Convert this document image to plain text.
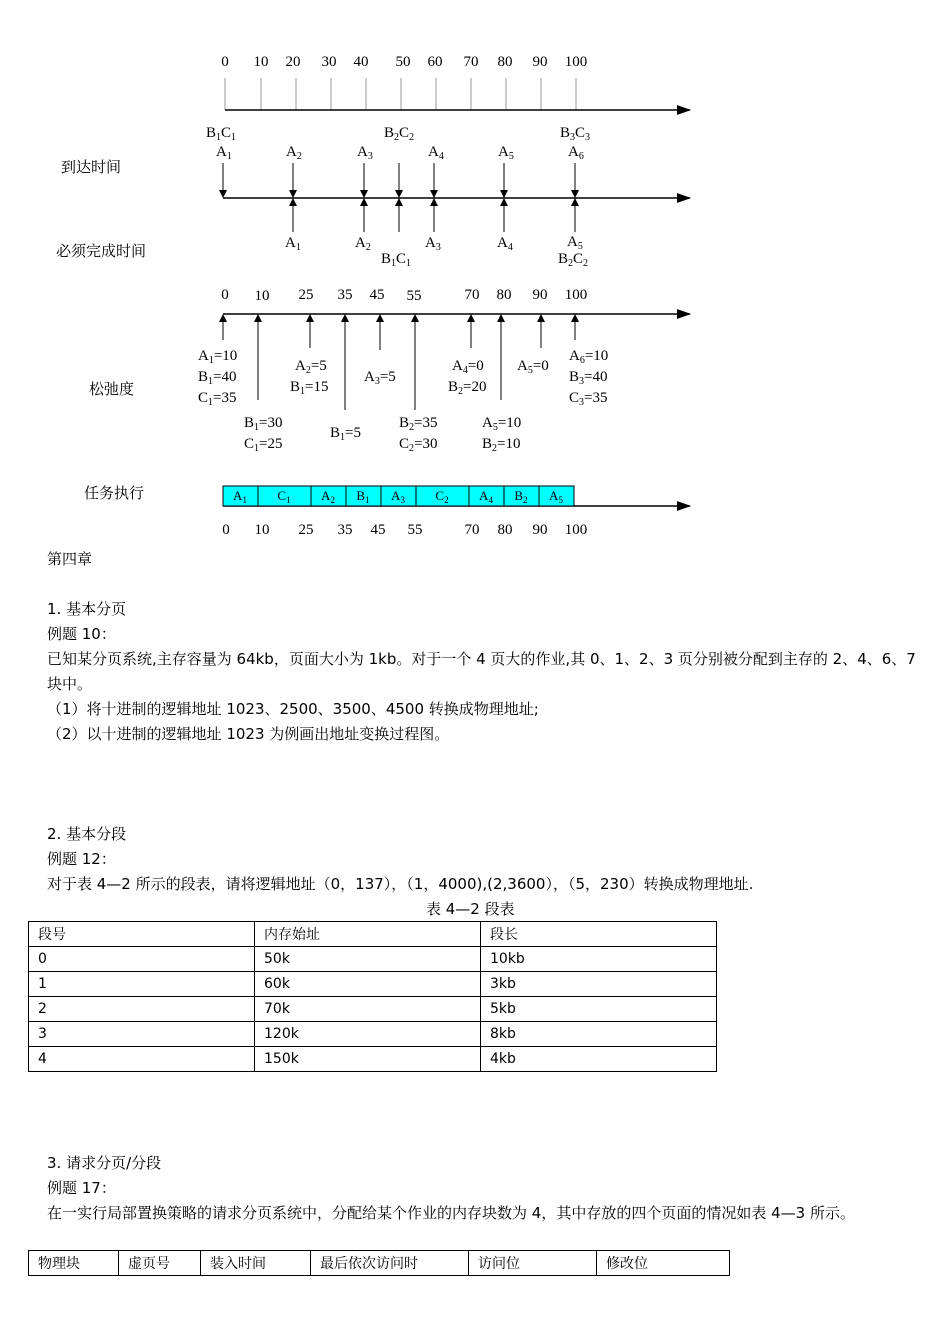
到达时间
必须完成时间
松弛度
任务执行
0 10 20 30 40 50 60 70 80 90 100
$B_1C_1$	$B_2C_2$	$B_3C_3$
$A_1$	$A_2$	$A_3$	$A_4$	$A_5$	$A_6$
$A_1$	$A_2$	$A_3$	$A_4$	$A_5$
$B_1C_1$	$B_2C_2$
0 10 25 35 45 55	70 80 90 100
$A_1=10$
$B_1=40$
$C_1=35$
$B_1=30$
$C_1=25$
$A_2=5$
$B_1=15$
$B_1=5$
$A_3=5$
$B_2=35$
$C_2=30$
$A_4=0$
$B_2=20$
$A_5=10$
$B_2=10$
$A_5=0$
$A_6=10$
$B_3=40$
$C_3=35$
$A_1$ $C_1$ $A_2$ $B_1$ $A_3$ $C_2$ $A_4$ $B_2$ $A_5$
0 10 25 35 45 55	70 80 90 100
第四章
1. 基本分页
例题 10：
已知某分页系统,主存容量为 64kb，页面大小为 1kb。对于一个 4 页大的作业,其 0、1、2、3 页分别被分配到主存的 2、4、6、7 块中。
（1）将十进制的逻辑地址 1023、2500、3500、4500 转换成物理地址;
（2）以十进制的逻辑地址 1023 为例画出地址变换过程图。
2. 基本分段
例题 12：
对于表 4—2 所示的段表，请将逻辑地址（0，137），（1，4000),(2,3600），（5，230）转换成物理地址.
表 4—2 段表
段号	内存始址	段长
0	50k	10kb
1	60k	3kb
2	70k	5kb
3	120k	8kb
4	150k	4kb
3. 请求分页/分段
例题 17：
在一实行局部置换策略的请求分页系统中，分配给某个作业的内存块数为 4，其中存放的四个页面的情况如表 4—3 所示。
物理块	虚页号	装入时间	最后依次访问时	访问位	修改位
